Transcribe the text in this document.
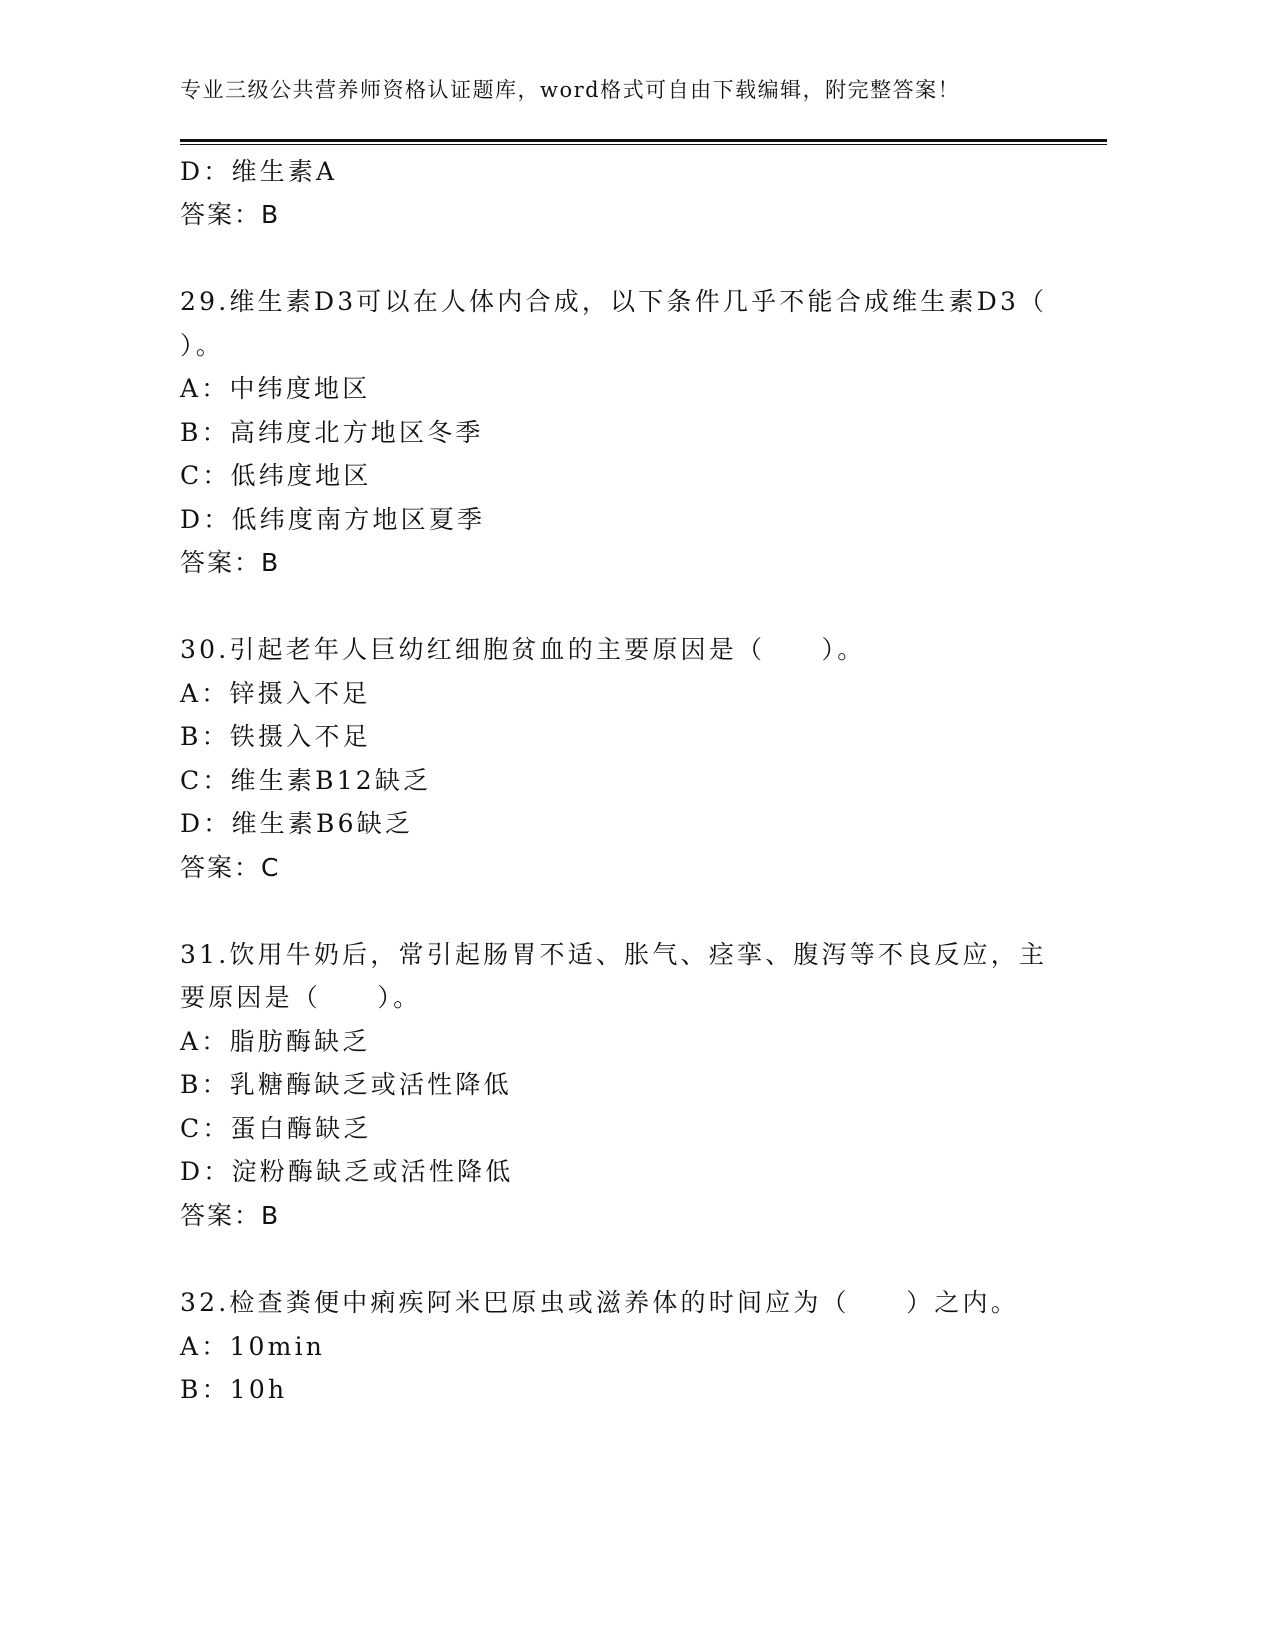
专业三级公共营养师资格认证题库，word格式可自由下载编辑，附完整答案！
D：维生素A
答案：B
29.维生素D3可以在人体内合成，以下条件几乎不能合成维生素D3（
）。
A：中纬度地区
B：高纬度北方地区冬季
C：低纬度地区
D：低纬度南方地区夏季
答案：B
30.引起老年人巨幼红细胞贫血的主要原因是（　　）。
A：锌摄入不足
B：铁摄入不足
C：维生素B12缺乏
D：维生素B6缺乏
答案：C
31.饮用牛奶后，常引起肠胃不适、胀气、痉挛、腹泻等不良反应，主
要原因是（　　）。
A：脂肪酶缺乏
B：乳糖酶缺乏或活性降低
C：蛋白酶缺乏
D：淀粉酶缺乏或活性降低
答案：B
32.检查粪便中痢疾阿米巴原虫或滋养体的时间应为（　　）之内。
A：10min
B：10h
